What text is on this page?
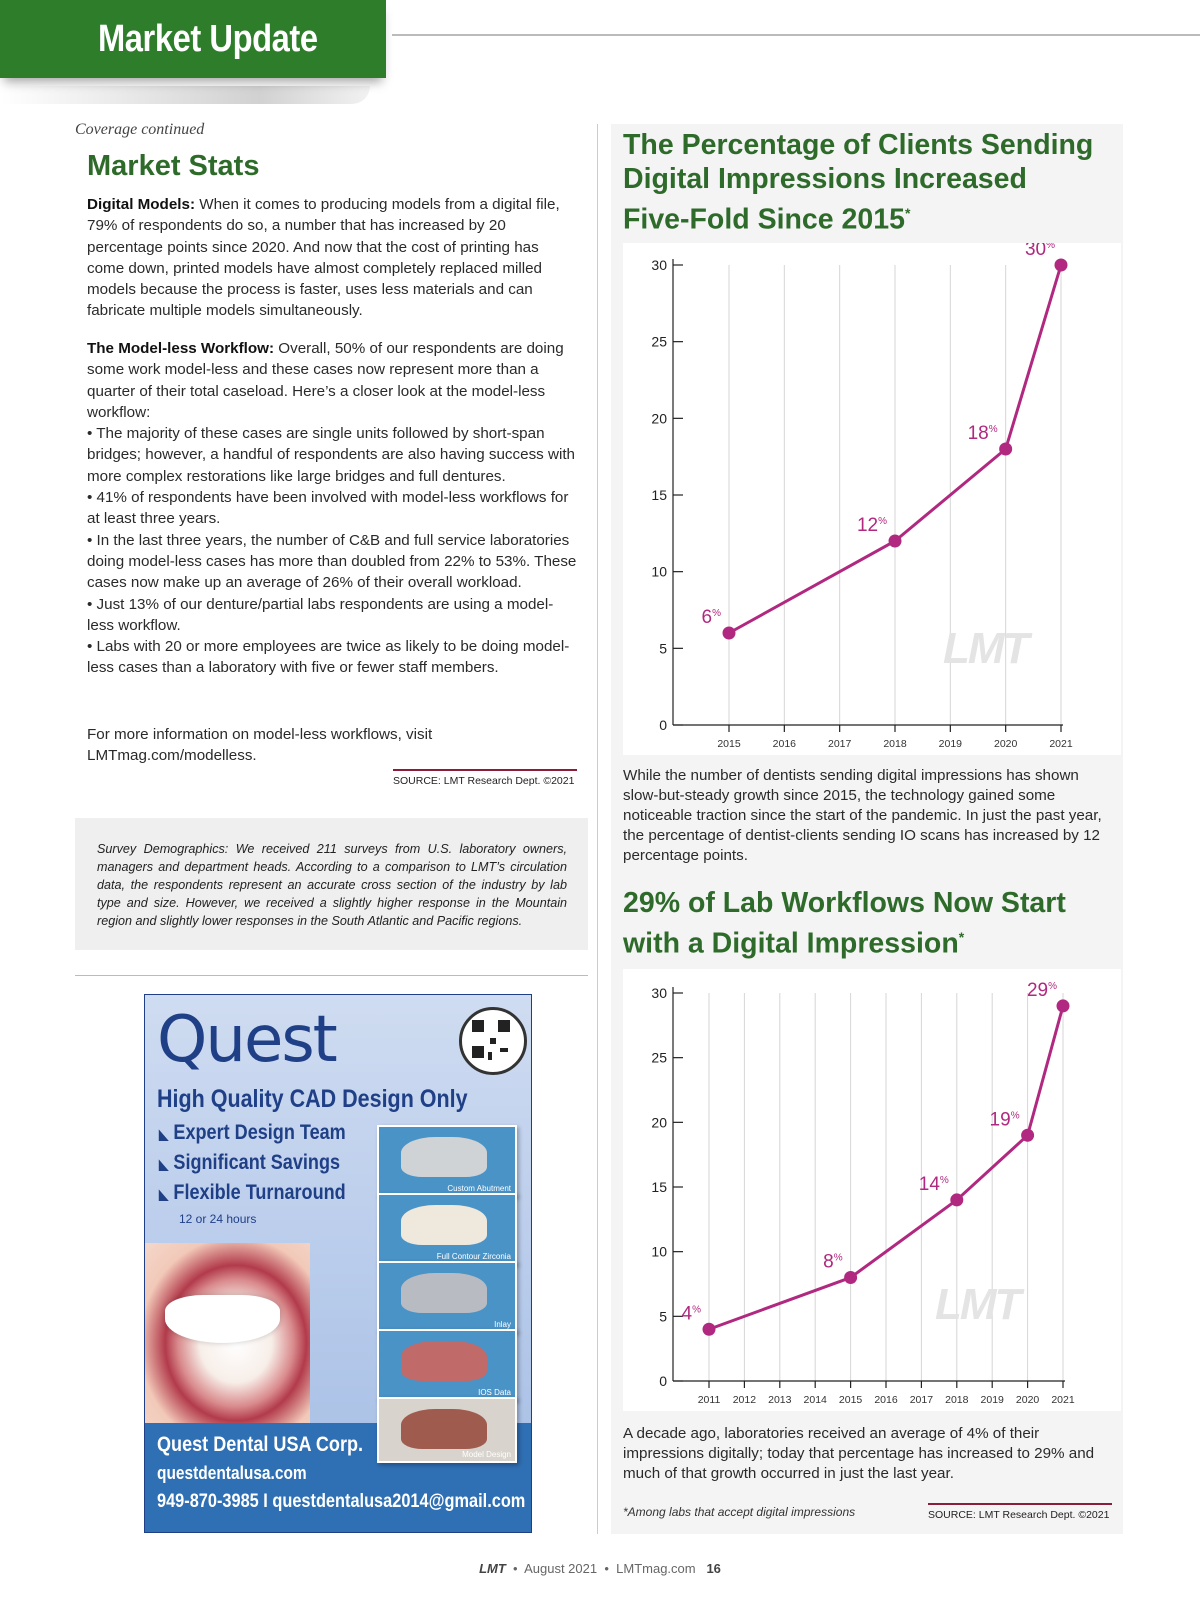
Market Update
Coverage continued
Market Stats

Digital Models: When it comes to producing models from a digital file, 79% of respondents do so, a number that has increased by 20 percentage points since 2020. And now that the cost of printing has come down, printed models have almost completely replaced milled models because the process is faster, uses less materials and can fabricate multiple models simultaneously.

The Model-less Workflow: Overall, 50% of our respondents are doing some work model-less and these cases now represent more than a quarter of their total caseload. Here’s a closer look at the model-less workflow:

• The majority of these cases are single units followed by short-span bridges; however, a handful of respondents are also having success with more complex restorations like large bridges and full dentures.

• 41% of respondents have been involved with model-less workflows for at least three years.

• In the last three years, the number of C&B and full service laboratories doing model-less cases has more than doubled from 22% to 53%. These cases now make up an average of 26% of their overall workload.

• Just 13% of our denture/partial labs respondents are using a model-less workflow.

• Labs with 20 or more employees are twice as likely to be doing model-less cases than a laboratory with five or fewer staff members.

For more information on model-less workflows, visit LMTmag.com/modelless.

SOURCE: LMT Research Dept. ©2021

Survey Demographics: We received 211 surveys from U.S. laboratory owners, managers and department heads. According to a comparison to LMT’s circulation data, the respondents represent an accurate cross section of the industry by lab type and size. However, we received a slightly higher response in the Mountain region and slightly lower responses in the South Atlantic and Pacific regions.

Quest
High Quality CAD Design Only
◣ Expert Design Team
◣ Significant Savings
◣ Flexible Turnaround
12 or 24 hours
Custom Abutment
Full Contour Zirconia
Inlay
IOS Data
Model Design
Quest Dental USA Corp.
questdentalusa.com
949-870-3985 I questdentalusa2014@gmail.com
The Percentage of Clients Sending
Digital Impressions Increased
Five-Fold Since 2015*
0
5
10
15
20
25
30
2015	2016	2017	2018	2019	2020	2021
LMT
6%
12%
18%
30%

While the number of dentists sending digital impressions has shown slow-but-steady growth since 2015, the technology gained some noticeable traction since the start of the pandemic. In just the past year, the percentage of dentist-clients sending IO scans has increased by 12 percentage points.

29% of Lab Workflows Now Start
with a Digital Impression*
0
5
10
15
20
25
30
2011 2012 2013 2014 2015 2016 2017 2018 2019 2020 2021
LMT
4%
8%
14%
19%
29%

A decade ago, laboratories received an average of 4% of their impressions digitally; today that percentage has increased to 29% and much of that growth occurred in just the last year.

*Among labs that accept digital impressions	SOURCE: LMT Research Dept. ©2021
LMT • August 2021 • LMTmag.com 16
